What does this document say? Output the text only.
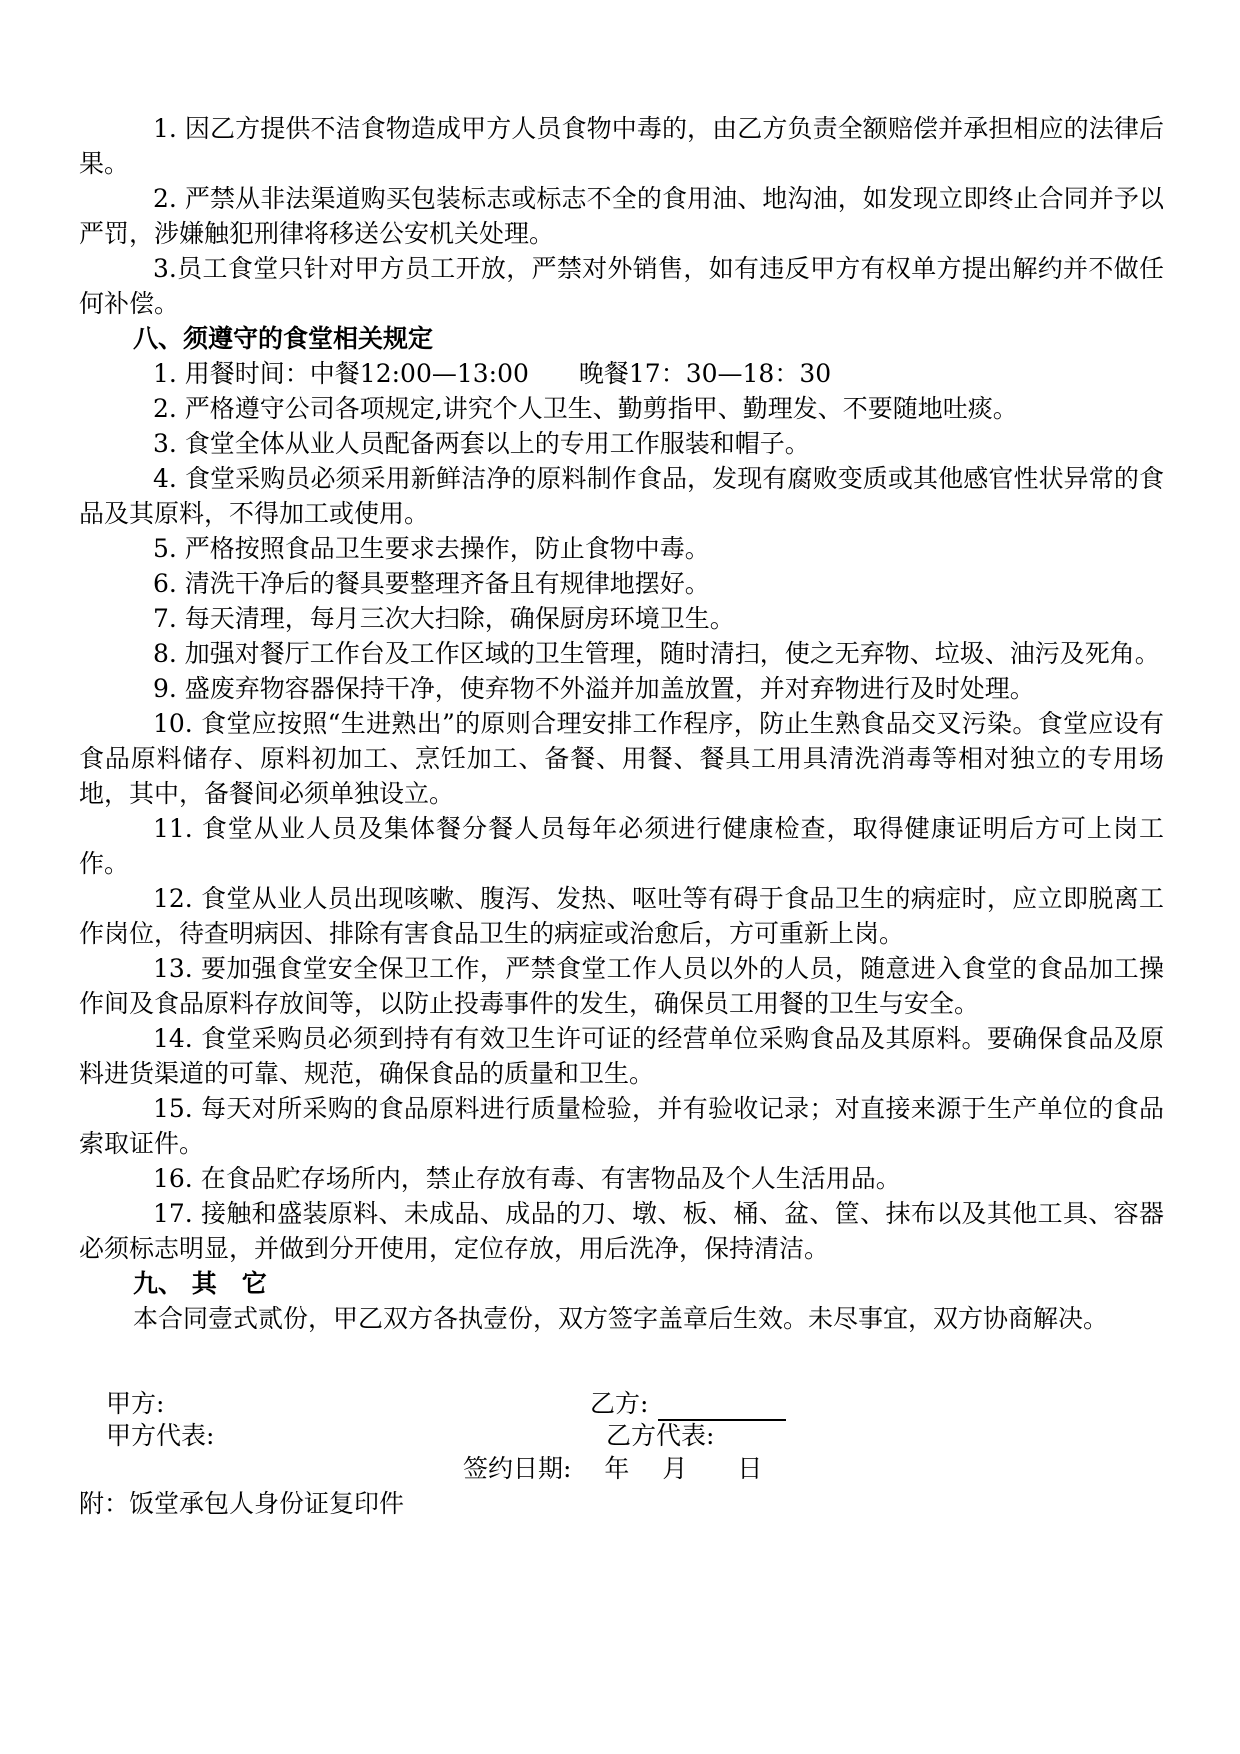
1. 因乙方提供不洁食物造成甲方人员食物中毒的，由乙方负责全额赔偿并承担相应的法律后果。

2. 严禁从非法渠道购买包装标志或标志不全的食用油、地沟油，如发现立即终止合同并予以严罚，涉嫌触犯刑律将移送公安机关处理。

3.员工食堂只针对甲方员工开放，严禁对外销售，如有违反甲方有权单方提出解约并不做任何补偿。

八、须遵守的食堂相关规定

1. 用餐时间：中餐12:00—13:00　　晚餐17：30—18：30

2. 严格遵守公司各项规定,讲究个人卫生、勤剪指甲、勤理发、不要随地吐痰。

3. 食堂全体从业人员配备两套以上的专用工作服装和帽子。

4. 食堂采购员必须采用新鲜洁净的原料制作食品，发现有腐败变质或其他感官性状异常的食品及其原料，不得加工或使用。

5. 严格按照食品卫生要求去操作，防止食物中毒。

6. 清洗干净后的餐具要整理齐备且有规律地摆好。

7. 每天清理，每月三次大扫除，确保厨房环境卫生。

8. 加强对餐厅工作台及工作区域的卫生管理，随时清扫，使之无弃物、垃圾、油污及死角。

9. 盛废弃物容器保持干净，使弃物不外溢并加盖放置，并对弃物进行及时处理。

10. 食堂应按照“生进熟出”的原则合理安排工作程序，防止生熟食品交叉污染。食堂应设有食品原料储存、原料初加工、烹饪加工、备餐、用餐、餐具工用具清洗消毒等相对独立的专用场地，其中，备餐间必须单独设立。

11. 食堂从业人员及集体餐分餐人员每年必须进行健康检查，取得健康证明后方可上岗工作。

12. 食堂从业人员出现咳嗽、腹泻、发热、呕吐等有碍于食品卫生的病症时，应立即脱离工作岗位，待查明病因、排除有害食品卫生的病症或治愈后，方可重新上岗。

13. 要加强食堂安全保卫工作，严禁食堂工作人员以外的人员，随意进入食堂的食品加工操作间及食品原料存放间等，以防止投毒事件的发生，确保员工用餐的卫生与安全。

14. 食堂采购员必须到持有有效卫生许可证的经营单位采购食品及其原料。要确保食品及原料进货渠道的可靠、规范，确保食品的质量和卫生。

15. 每天对所采购的食品原料进行质量检验，并有验收记录；对直接来源于生产单位的食品索取证件。

16. 在食品贮存场所内，禁止存放有毒、有害物品及个人生活用品。

17. 接触和盛装原料、未成品、成品的刀、墩、板、桶、盆、筐、抹布以及其他工具、容器必须标志明显，并做到分开使用，定位存放，用后洗净，保持清洁。

九、 其　它

本合同壹式贰份，甲乙双方各执壹份，双方签字盖章后生效。未尽事宜，双方协商解决。

甲方:	乙方:
甲方代表:	乙方代表:
签约日期:　 年　 月　　日
附：饭堂承包人身份证复印件
